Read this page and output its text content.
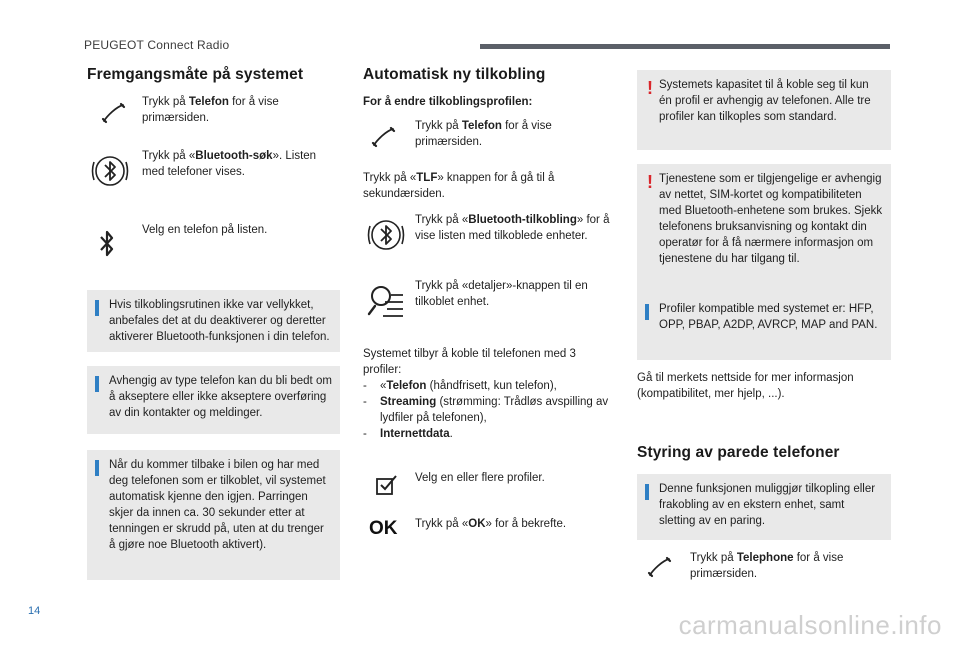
PEUGEOT Connect Radio
Fremgangsmåte på systemet
Trykk på Telefon for å vise primærsiden.
Trykk på «Bluetooth-søk». Listen med telefoner vises.
Velg en telefon på listen.
Hvis tilkoblingsrutinen ikke var vellykket, anbefales det at du deaktiverer og deretter aktiverer Bluetooth-funksjonen i din telefon.
Avhengig av type telefon kan du bli bedt om å akseptere eller ikke akseptere overføring av din kontakter og meldinger.
Når du kommer tilbake i bilen og har med deg telefonen som er tilkoblet, vil systemet automatisk kjenne den igjen. Parringen skjer da innen ca. 30 sekunder etter at tenningen er skrudd på, uten at du trenger å gjøre noe Bluetooth aktivert).
Automatisk ny tilkobling
For å endre tilkoblingsprofilen:
Trykk på Telefon for å vise primærsiden.
Trykk på «TLF» knappen for å gå til å sekundærsiden.
Trykk på «Bluetooth-tilkobling» for å vise listen med tilkoblede enheter.
Trykk på «detaljer»-knappen til en tilkoblet enhet.
Systemet tilbyr å koble til telefonen med 3 profiler:
- «Telefon (håndfrisett, kun telefon),
- Streaming (strømming: Trådløs avspilling av lydfiler på telefonen),
- Internettdata.
Velg en eller flere profiler.
OK Trykk på «OK» for å bekrefte.
! Systemets kapasitet til å koble seg til kun én profil er avhengig av telefonen. Alle tre profiler kan tilkoples som standard.
! Tjenestene som er tilgjengelige er avhengig av nettet, SIM-kortet og kompatibiliteten med Bluetooth-enhetene som brukes. Sjekk telefonens bruksanvisning og kontakt din operatør for å få nærmere informasjon om tjenestene du har tilgang til.
Profiler kompatible med systemet er: HFP, OPP, PBAP, A2DP, AVRCP, MAP and PAN.
Gå til merkets nettside for mer informasjon (kompatibilitet, mer hjelp, ...).
Styring av parede telefoner
Denne funksjonen muliggjør tilkopling eller frakobling av en ekstern enhet, samt sletting av en paring.
Trykk på Telephone for å vise primærsiden.
14	carmanualsonline.info
